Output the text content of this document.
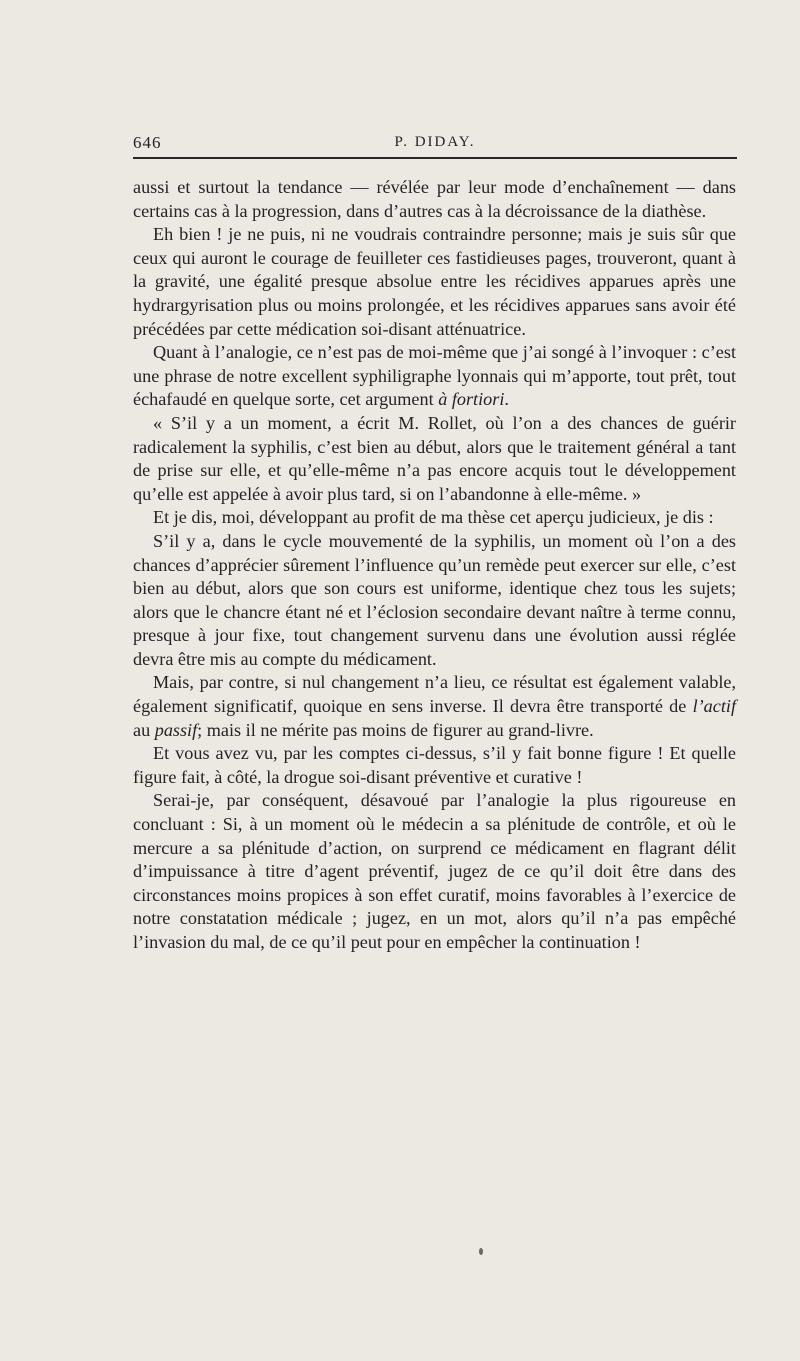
646	P. DIDAY.

aussi et surtout la tendance — révélée par leur mode d’enchaînement — dans certains cas à la progression, dans d’autres cas à la décroissance de la diathèse.

Eh bien ! je ne puis, ni ne voudrais contraindre personne; mais je suis sûr que ceux qui auront le courage de feuilleter ces fastidieuses pages, trouveront, quant à la gravité, une égalité presque absolue entre les récidives apparues après une hydrargyrisation plus ou moins prolongée, et les récidives apparues sans avoir été précédées par cette médication soi-disant atténuatrice.

Quant à l’analogie, ce n’est pas de moi-même que j’ai songé à l’invoquer : c’est une phrase de notre excellent syphiligraphe lyonnais qui m’apporte, tout prêt, tout échafaudé en quelque sorte, cet argument à fortiori.

« S’il y a un moment, a écrit M. Rollet, où l’on a des chances de guérir radicalement la syphilis, c’est bien au début, alors que le traitement général a tant de prise sur elle, et qu’elle-même n’a pas encore acquis tout le développement qu’elle est appelée à avoir plus tard, si on l’abandonne à elle-même. »

Et je dis, moi, développant au profit de ma thèse cet aperçu judicieux, je dis :

S’il y a, dans le cycle mouvementé de la syphilis, un moment où l’on a des chances d’apprécier sûrement l’influence qu’un remède peut exercer sur elle, c’est bien au début, alors que son cours est uniforme, identique chez tous les sujets; alors que le chancre étant né et l’éclosion secondaire devant naître à terme connu, presque à jour fixe, tout changement survenu dans une évolution aussi réglée devra être mis au compte du médicament.

Mais, par contre, si nul changement n’a lieu, ce résultat est également valable, également significatif, quoique en sens inverse. Il devra être transporté de l’actif au passif; mais il ne mérite pas moins de figurer au grand-livre.

Et vous avez vu, par les comptes ci-dessus, s’il y fait bonne figure ! Et quelle figure fait, à côté, la drogue soi-disant préventive et curative !

Serai-je, par conséquent, désavoué par l’analogie la plus rigoureuse en concluant : Si, à un moment où le médecin a sa plénitude de contrôle, et où le mercure a sa plénitude d’action, on surprend ce médicament en flagrant délit d’impuissance à titre d’agent préventif, jugez de ce qu’il doit être dans des circonstances moins propices à son effet curatif, moins favorables à l’exercice de notre constatation médicale ; jugez, en un mot, alors qu’il n’a pas empêché l’invasion du mal, de ce qu’il peut pour en empêcher la continuation !
